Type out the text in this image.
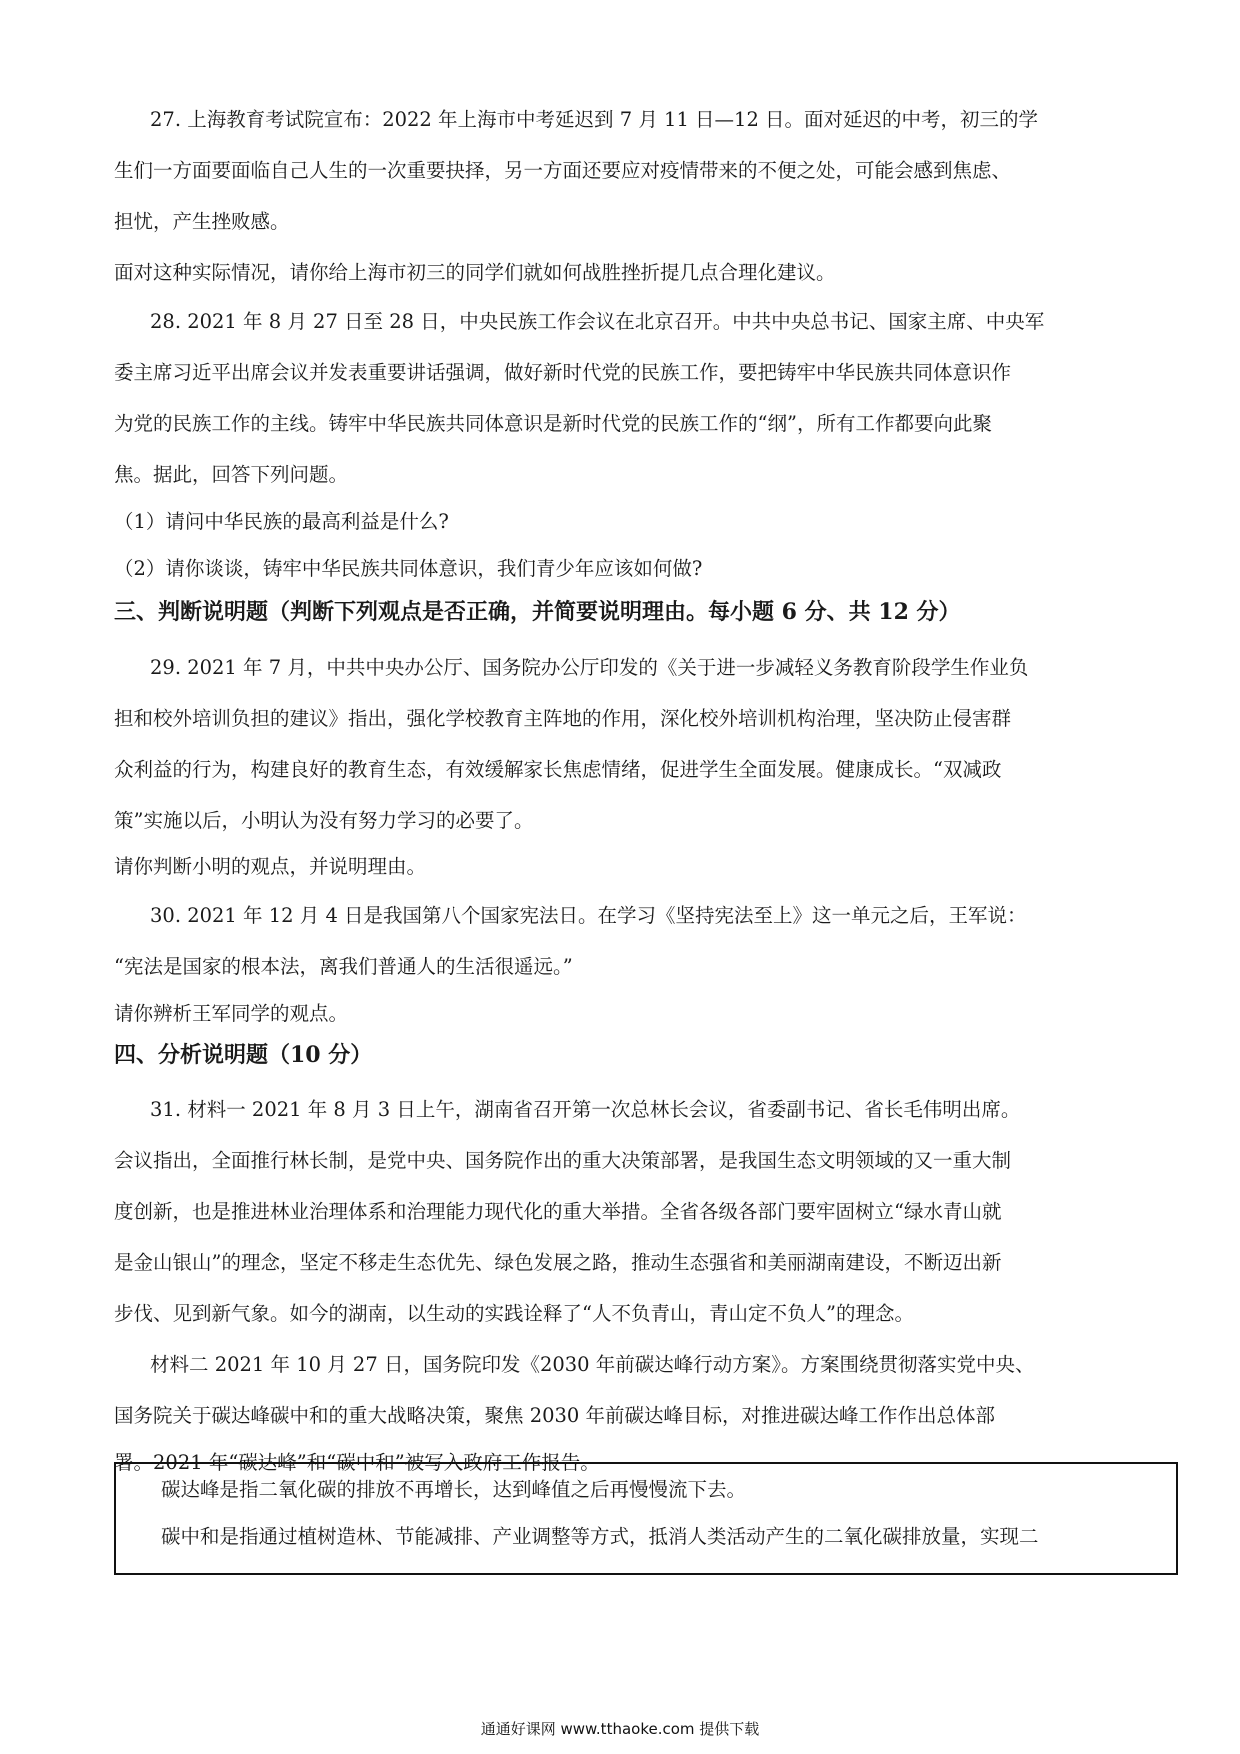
27. 上海教育考试院宣布：2022 年上海市中考延迟到 7 月 11 日—12 日。面对延迟的中考，初三的学
生们一方面要面临自己人生的一次重要抉择，另一方面还要应对疫情带来的不便之处，可能会感到焦虑、
担忧，产生挫败感。
面对这种实际情况，请你给上海市初三的同学们就如何战胜挫折提几点合理化建议。
28. 2021 年 8 月 27 日至 28 日，中央民族工作会议在北京召开。中共中央总书记、国家主席、中央军
委主席习近平出席会议并发表重要讲话强调，做好新时代党的民族工作，要把铸牢中华民族共同体意识作
为党的民族工作的主线。铸牢中华民族共同体意识是新时代党的民族工作的“纲”，所有工作都要向此聚
焦。据此，回答下列问题。
（1）请问中华民族的最高利益是什么?
（2）请你谈谈，铸牢中华民族共同体意识，我们青少年应该如何做?
三、判断说明题（判断下列观点是否正确，并简要说明理由。每小题 6 分、共 12 分）
29. 2021 年 7 月，中共中央办公厅、国务院办公厅印发的《关于进一步减轻义务教育阶段学生作业负
担和校外培训负担的建议》指出，强化学校教育主阵地的作用，深化校外培训机构治理，坚决防止侵害群
众利益的行为，构建良好的教育生态，有效缓解家长焦虑情绪，促进学生全面发展。健康成长。“双减政
策”实施以后，小明认为没有努力学习的必要了。
请你判断小明的观点，并说明理由。
30. 2021 年 12 月 4 日是我国第八个国家宪法日。在学习《坚持宪法至上》这一单元之后，王军说：
“宪法是国家的根本法，离我们普通人的生活很遥远。”
请你辨析王军同学的观点。
四、分析说明题（10 分）
31. 材料一 2021 年 8 月 3 日上午，湖南省召开第一次总林长会议，省委副书记、省长毛伟明出席。
会议指出，全面推行林长制，是党中央、国务院作出的重大决策部署，是我国生态文明领域的又一重大制
度创新，也是推进林业治理体系和治理能力现代化的重大举措。全省各级各部门要牢固树立“绿水青山就
是金山银山”的理念，坚定不移走生态优先、绿色发展之路，推动生态强省和美丽湖南建设，不断迈出新
步伐、见到新气象。如今的湖南，以生动的实践诠释了“人不负青山，青山定不负人”的理念。
材料二 2021 年 10 月 27 日，国务院印发《2030 年前碳达峰行动方案》。方案围绕贯彻落实党中央、
国务院关于碳达峰碳中和的重大战略决策，聚焦 2030 年前碳达峰目标，对推进碳达峰工作作出总体部
署。2021 年“碳达峰”和“碳中和”被写入政府工作报告。
碳达峰是指二氧化碳的排放不再增长，达到峰值之后再慢慢流下去。
碳中和是指通过植树造林、节能减排、产业调整等方式，抵消人类活动产生的二氧化碳排放量，实现二
通通好课网 www.tthaoke.com 提供下载
